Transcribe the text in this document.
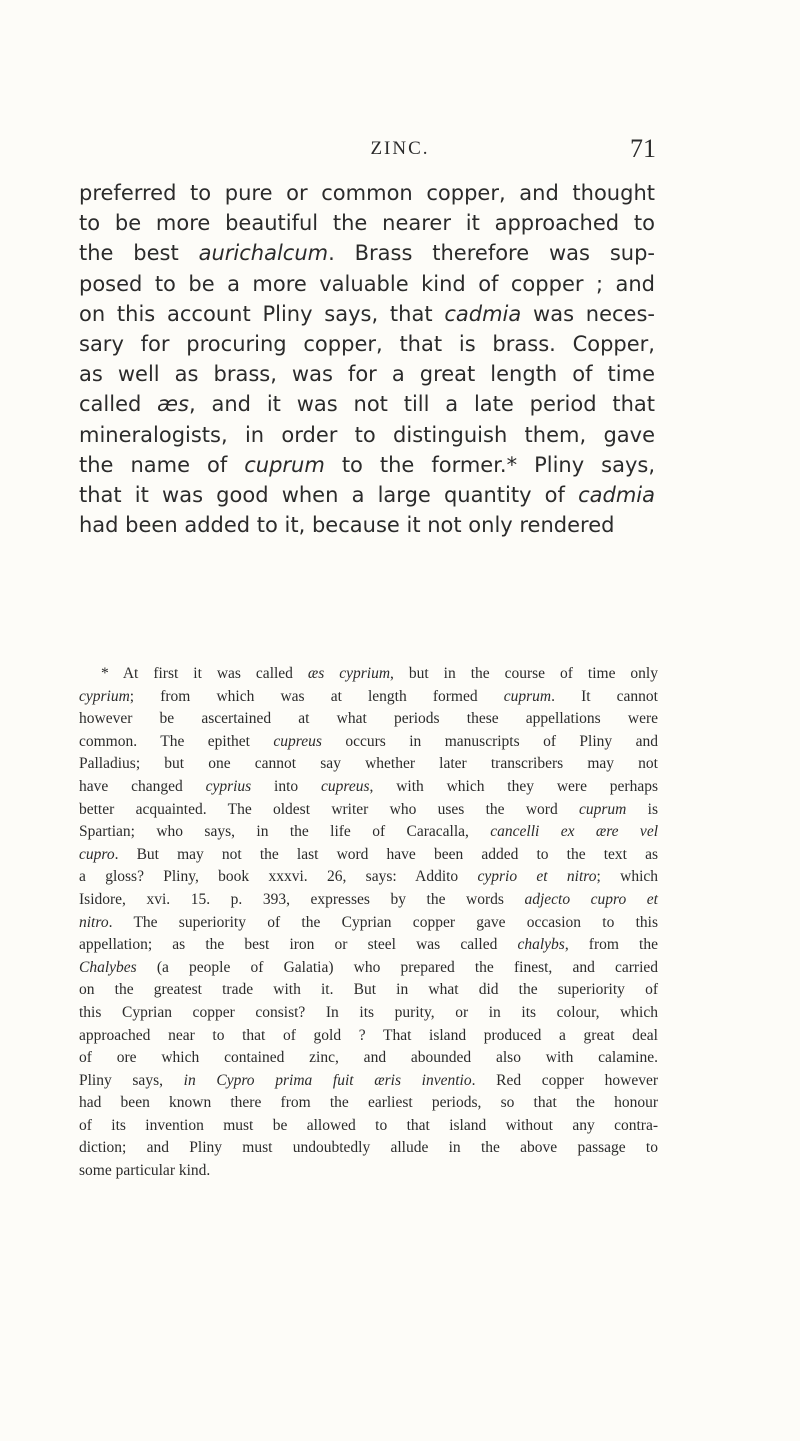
ZINC.	71
preferred to pure or common copper, and thought
to be more beautiful the nearer it approached to
the best aurichalcum. Brass therefore was sup-
posed to be a more valuable kind of copper ; and
on this account Pliny says, that cadmia was neces-
sary for procuring copper, that is brass. Copper,
as well as brass, was for a great length of time
called æs, and it was not till a late period that
mineralogists, in order to distinguish them, gave
the name of cuprum to the former.* Pliny says,
that it was good when a large quantity of cadmia
had been added to it, because it not only rendered
* At first it was called æs cyprium, but in the course of time only
cyprium; from which was at length formed cuprum. It cannot
however be ascertained at what periods these appellations were
common. The epithet cupreus occurs in manuscripts of Pliny and
Palladius; but one cannot say whether later transcribers may not
have changed cyprius into cupreus, with which they were perhaps
better acquainted. The oldest writer who uses the word cuprum is
Spartian; who says, in the life of Caracalla, cancelli ex ære vel
cupro. But may not the last word have been added to the text as
a gloss? Pliny, book xxxvi. 26, says: Addito cyprio et nitro; which
Isidore, xvi. 15. p. 393, expresses by the words adjecto cupro et
nitro. The superiority of the Cyprian copper gave occasion to this
appellation; as the best iron or steel was called chalybs, from the
Chalybes (a people of Galatia) who prepared the finest, and carried
on the greatest trade with it. But in what did the superiority of
this Cyprian copper consist? In its purity, or in its colour, which
approached near to that of gold ? That island produced a great deal
of ore which contained zinc, and abounded also with calamine.
Pliny says, in Cypro prima fuit æris inventio. Red copper however
had been known there from the earliest periods, so that the honour
of its invention must be allowed to that island without any contra-
diction; and Pliny must undoubtedly allude in the above passage to
some particular kind.
